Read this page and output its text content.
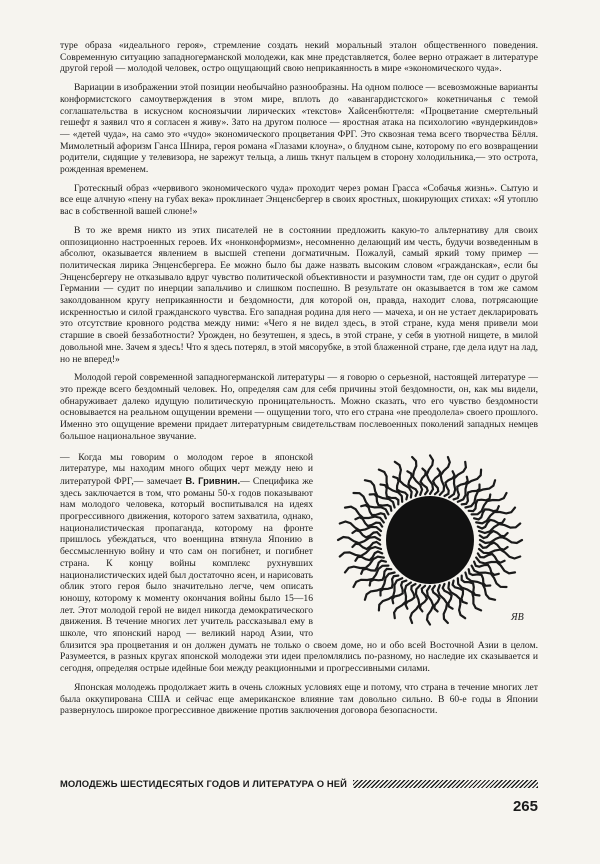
туре образа «идеального героя», стремление создать некий моральный эталон общественного поведения. Современную ситуацию западногерманской молодежи, как мне представляется, более верно отражает в литературе другой герой — молодой человек, остро ощущающий свою неприкаянность в мире «экономического чуда».

Вариации в изображении этой позиции необычайно разнообразны. На одном полюсе — всевозможные варианты конформистского самоутверждения в этом мире, вплоть до «авангардистского» кокетничанья с темой соглашательства в искусном косноязычии лирических «текстов» Хайсенбюттеля: «Процветание смертельный гешефт я заявил что я согласен я живу». Зато на другом полюсе — яростная атака на психологию «вундеркиндов» — «детей чуда», на само это «чудо» экономического процветания ФРГ. Это сквозная тема всего творчества Бёлля. Мимолетный афоризм Ганса Шнира, героя романа «Глазами клоуна», о блудном сыне, которому по его возвращении родители, сидящие у телевизора, не зарежут тельца, а лишь ткнут пальцем в сторону холодильника,— это острота, рожденная временем.

Гротескный образ «червивого экономического чуда» проходит через роман Грасса «Собачья жизнь». Сытую и все еще алчную «пену на губах века» проклинает Энценсбергер в своих яростных, шокирующих стихах: «Я утоплю вас в собственной вашей слюне!»

В то же время никто из этих писателей не в состоянии предложить какую-то альтернативу для своих оппозиционно настроенных героев. Их «нонконформизм», несомненно делающий им честь, будучи возведенным в абсолют, оказывается явлением в высшей степени догматичным. Пожалуй, самый яркий тому пример — политическая лирика Энценсбергера. Ее можно было бы даже назвать высоким словом «гражданская», если бы Энценсбергеру не отказывало вдруг чувство политической объективности и разумности там, где он судит о другой Германии — судит по инерции запальчиво и слишком поспешно. В результате он оказывается в том же самом заколдованном кругу неприкаянности и бездомности, для которой он, правда, находит слова, потрясающие искренностью и силой гражданского чувства. Его западная родина для него — мачеха, и он не устает декларировать это отсутствие кровного родства между ними: «Чего я не видел здесь, в этой стране, куда меня привели мои старшие в своей беззаботности? Урожден, но безутешен, я здесь, в этой стране, у себя в уютной нищете, в милой довольной мне. Зачем я здесь! Что я здесь потерял, в этой мясорубке, в этой блаженной стране, где дела идут на лад, но не вперед!»

Молодой герой современной западногерманской литературы — я говорю о серьезной, настоящей литературе — это прежде всего бездомный человек. Но, определяя сам для себя причины этой бездомности, он, как мы видели, обнаруживает далеко идущую политическую проницательность. Можно сказать, что его чувство бездомности основывается на реальном ощущении времени — ощущении того, что его страна «не преодолела» своего прошлого. Именно это ощущение времени придает литературным свидетельствам послевоенных поколений западных немцев большое национальное звучание.

ЯВ

— Когда мы говорим о молодом герое в японской литературе, мы находим много общих черт между нею и литературой ФРГ,— замечает В. Гривнин.— Специфика же здесь заключается в том, что романы 50-х годов показывают нам молодого человека, который воспитывался на идеях прогрессивного движения, которого затем захватила, однако, националистическая пропаганда, которому на фронте пришлось убеждаться, что военщина втянула Японию в бессмысленную войну и что сам он погибнет, и погибнет страна. К концу войны комплекс рухнувших националистических идей был достаточно ясен, и нарисовать облик этого героя было значительно легче, чем описать юношу, которому к моменту окончания войны было 15—16 лет. Этот молодой герой не видел никогда демократического движения. В течение многих лет учитель рассказывал ему в школе, что японский народ — великий народ Азии, что близится эра процветания и он должен думать не только о своем доме, но и обо всей Восточной Азии в целом. Разумеется, в разных кругах японской молодежи эти идеи преломлялись по-разному, но наследие их сказывается и сегодня, определяя острые идейные бои между реакционными и прогрессивными силами.

Японская молодежь продолжает жить в очень сложных условиях еще и потому, что страна в течение многих лет была оккупирована США и сейчас еще американское влияние там довольно сильно. В 60-е годы в Японии развернулось широкое прогрессивное движение против заключения договора безопасности.

МОЛОДЕЖЬ ШЕСТИДЕСЯТЫХ ГОДОВ И ЛИТЕРАТУРА О НЕЙ
265
